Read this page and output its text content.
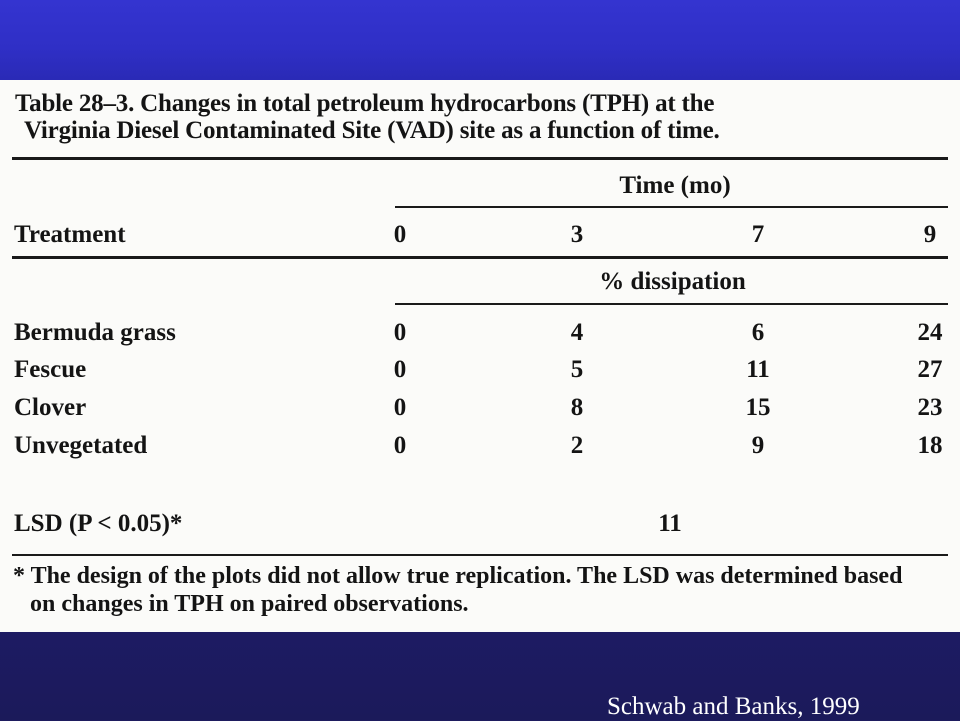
Table 28–3. Changes in total petroleum hydrocarbons (TPH) at the
Virginia Diesel Contaminated Site (VAD) site as a function of time.
Time (mo)
Treatment	0	3	7	9
% dissipation
Bermuda grass	0	4	6	24
Fescue	0	5	11	27
Clover	0	8	15	23
Unvegetated	0	2	9	18
LSD (P < 0.05)*	11
* The design of the plots did not allow true replication. The LSD was determined based
on changes in TPH on paired observations.
Schwab and Banks, 1999
